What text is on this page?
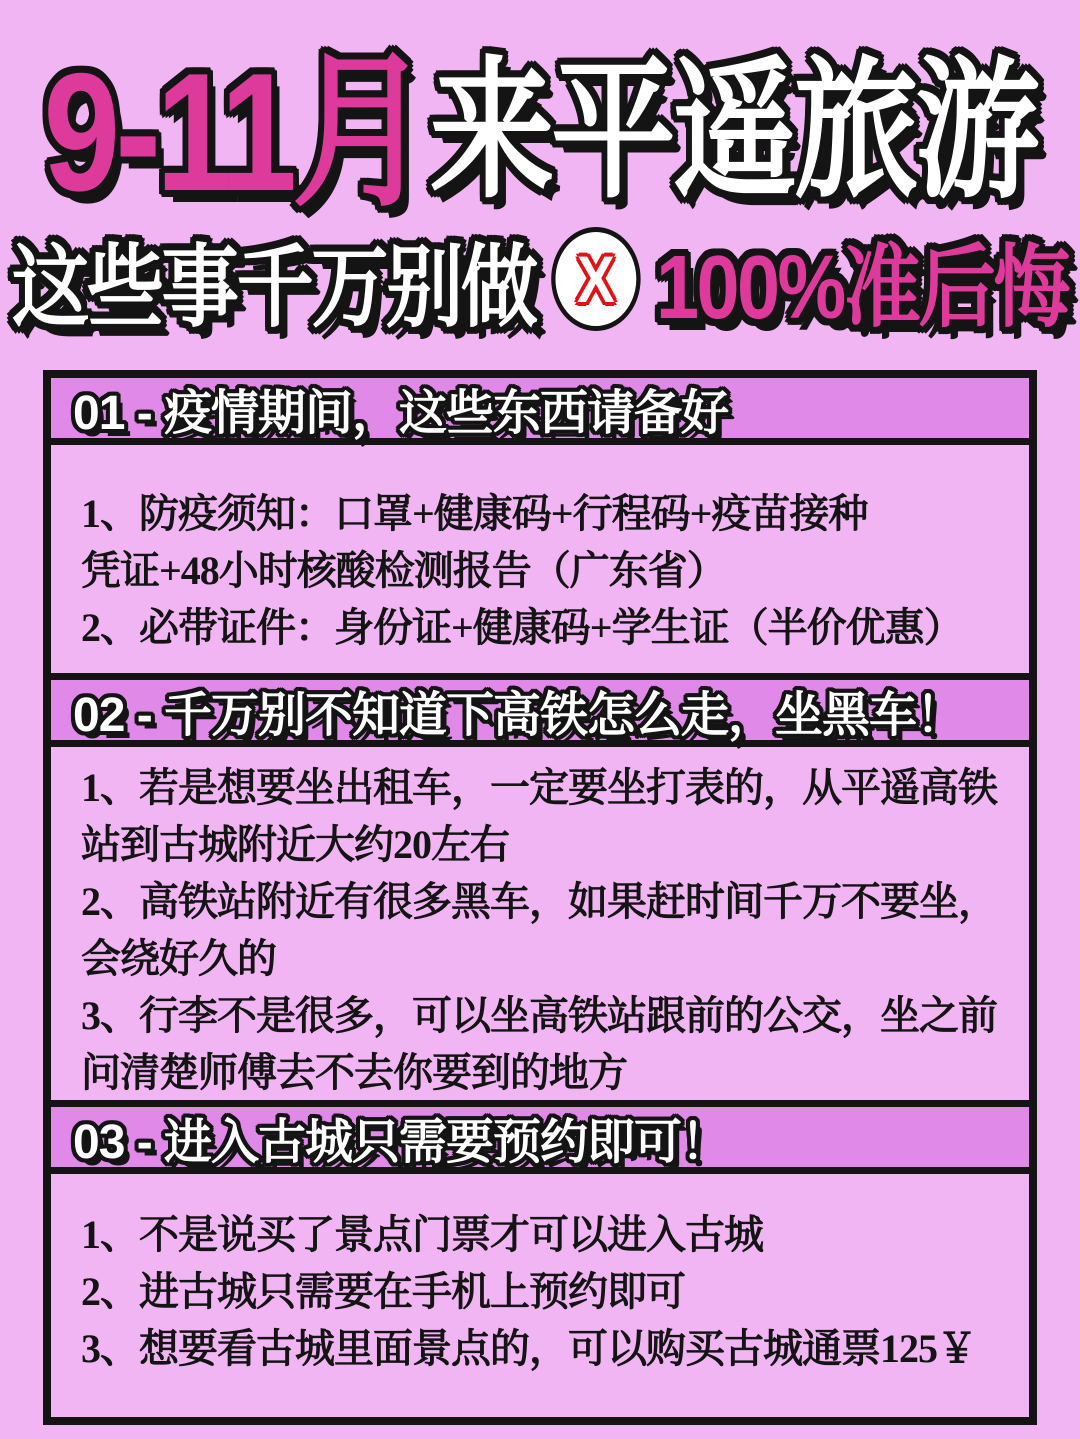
9-11月 来平遥旅游
这些事千万别做 X 100%准后悔
01 - 疫情期间，这些东西请备好
1、防疫须知：口罩+健康码+行程码+疫苗接种
凭证+48小时核酸检测报告（广东省）
2、必带证件：身份证+健康码+学生证（半价优惠）
02 - 千万别不知道下高铁怎么走，坐黑车！
1、若是想要坐出租车，一定要坐打表的，从平遥高铁
站到古城附近大约20左右
2、高铁站附近有很多黑车，如果赶时间千万不要坐，
会绕好久的
3、行李不是很多，可以坐高铁站跟前的公交，坐之前
问清楚师傅去不去你要到的地方
03 - 进入古城只需要预约即可！
1、不是说买了景点门票才可以进入古城
2、进古城只需要在手机上预约即可
3、想要看古城里面景点的，可以购买古城通票125￥
